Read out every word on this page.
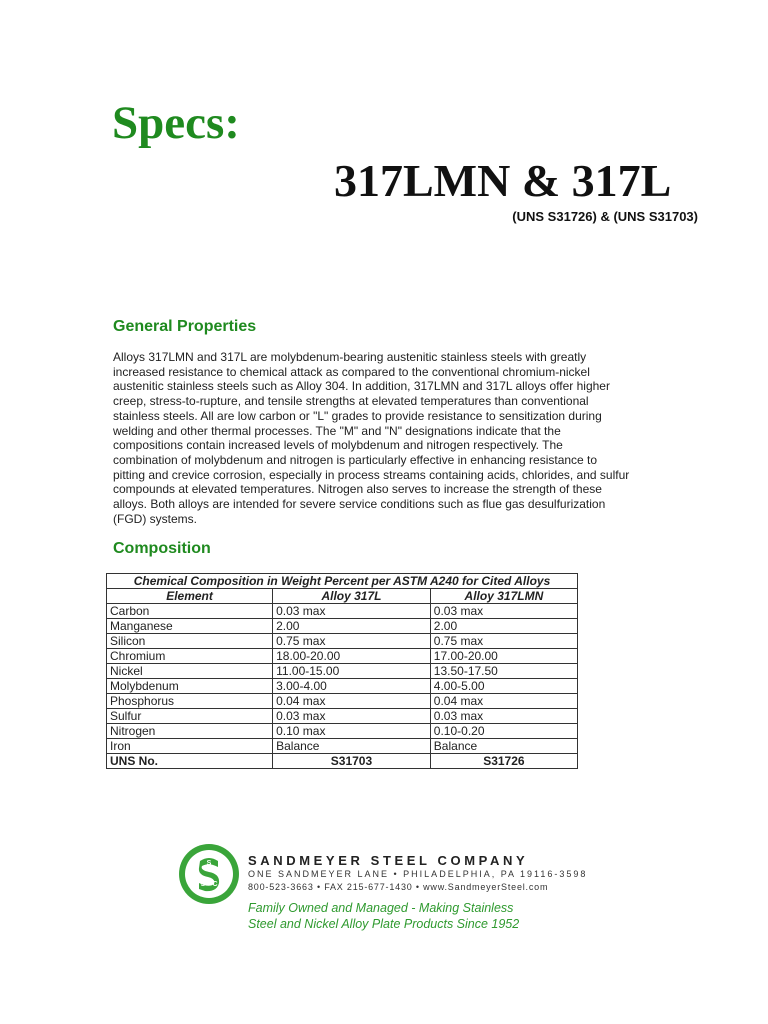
Specs:
317LMN & 317L
(UNS S31726) & (UNS S31703)
General Properties
Alloys 317LMN and 317L are molybdenum-bearing austenitic stainless steels with greatly
increased resistance to chemical attack as compared to the conventional chromium-nickel
austenitic stainless steels such as Alloy 304. In addition, 317LMN and 317L alloys offer higher
creep, stress-to-rupture, and tensile strengths at elevated temperatures than conventional
stainless steels. All are low carbon or "L" grades to provide resistance to sensitization during
welding and other thermal processes. The "M" and "N" designations indicate that the
compositions contain increased levels of molybdenum and nitrogen respectively. The
combination of molybdenum and nitrogen is particularly effective in enhancing resistance to
pitting and crevice corrosion, especially in process streams containing acids, chlorides, and sulfur
compounds at elevated temperatures. Nitrogen also serves to increase the strength of these
alloys. Both alloys are intended for severe service conditions such as flue gas desulfurization
(FGD) systems.
Composition
Chemical Composition in Weight Percent per ASTM A240 for Cited Alloys		
Element	Alloy 317L	Alloy 317LMN
Carbon	0.03 max	0.03 max
Manganese	2.00	2.00
Silicon	0.75 max	0.75 max
Chromium	18.00-20.00	17.00-20.00
Nickel	11.00-15.00	13.50-17.50
Molybdenum	3.00-4.00	4.00-5.00
Phosphorus	0.04 max	0.04 max
Sulfur	0.03 max	0.03 max
Nitrogen	0.10 max	0.10-0.20
Iron	Balance	Balance
UNS No.	S31703	S31726
S
S C
SANDMEYER STEEL COMPANY
ONE SANDMEYER LANE • PHILADELPHIA, PA 19116-3598
800-523-3663 • FAX 215-677-1430 • www.SandmeyerSteel.com
Family Owned and Managed - Making Stainless
Steel and Nickel Alloy Plate Products Since 1952
